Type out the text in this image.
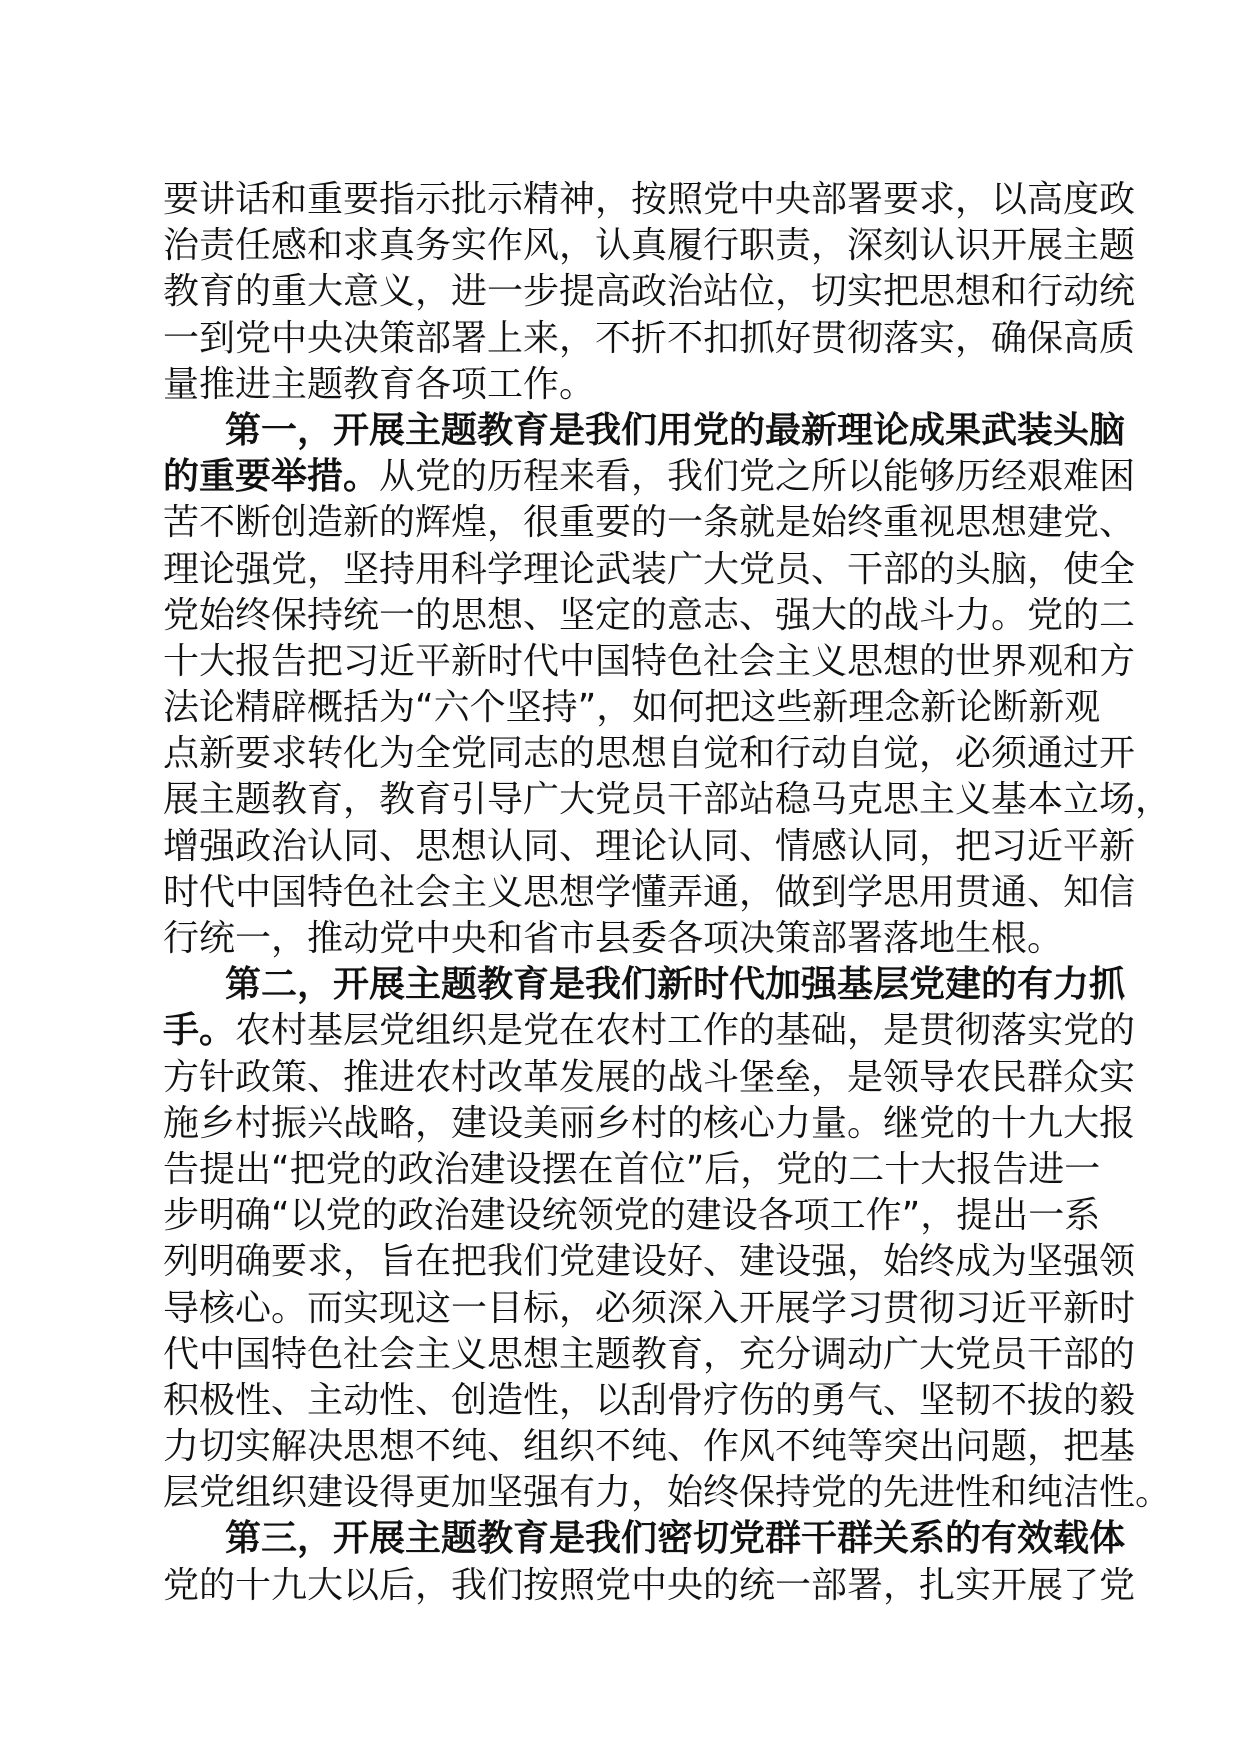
要讲话和重要指示批示精神，按照党中央部署要求，以高度政
治责任感和求真务实作风，认真履行职责，深刻认识开展主题
教育的重大意义，进一步提高政治站位，切实把思想和行动统
一到党中央决策部署上来，不折不扣抓好贯彻落实，确保高质
量推进主题教育各项工作。
第一，开展主题教育是我们用党的最新理论成果武装头脑
的重要举措。从党的历程来看，我们党之所以能够历经艰难困
苦不断创造新的辉煌，很重要的一条就是始终重视思想建党、
理论强党，坚持用科学理论武装广大党员、干部的头脑，使全
党始终保持统一的思想、坚定的意志、强大的战斗力。党的二
十大报告把习近平新时代中国特色社会主义思想的世界观和方
法论精辟概括为“六个坚持”，如何把这些新理念新论断新观
点新要求转化为全党同志的思想自觉和行动自觉，必须通过开
展主题教育，教育引导广大党员干部站稳马克思主义基本立场，
增强政治认同、思想认同、理论认同、情感认同，把习近平新
时代中国特色社会主义思想学懂弄通，做到学思用贯通、知信
行统一，推动党中央和省市县委各项决策部署落地生根。
第二，开展主题教育是我们新时代加强基层党建的有力抓
手。农村基层党组织是党在农村工作的基础，是贯彻落实党的
方针政策、推进农村改革发展的战斗堡垒，是领导农民群众实
施乡村振兴战略，建设美丽乡村的核心力量。继党的十九大报
告提出“把党的政治建设摆在首位”后，党的二十大报告进一
步明确“以党的政治建设统领党的建设各项工作”，提出一系
列明确要求，旨在把我们党建设好、建设强，始终成为坚强领
导核心。而实现这一目标，必须深入开展学习贯彻习近平新时
代中国特色社会主义思想主题教育，充分调动广大党员干部的
积极性、主动性、创造性，以刮骨疗伤的勇气、坚韧不拔的毅
力切实解决思想不纯、组织不纯、作风不纯等突出问题，把基
层党组织建设得更加坚强有力，始终保持党的先进性和纯洁性。
第三，开展主题教育是我们密切党群干群关系的有效载体
党的十九大以后，我们按照党中央的统一部署，扎实开展了党
